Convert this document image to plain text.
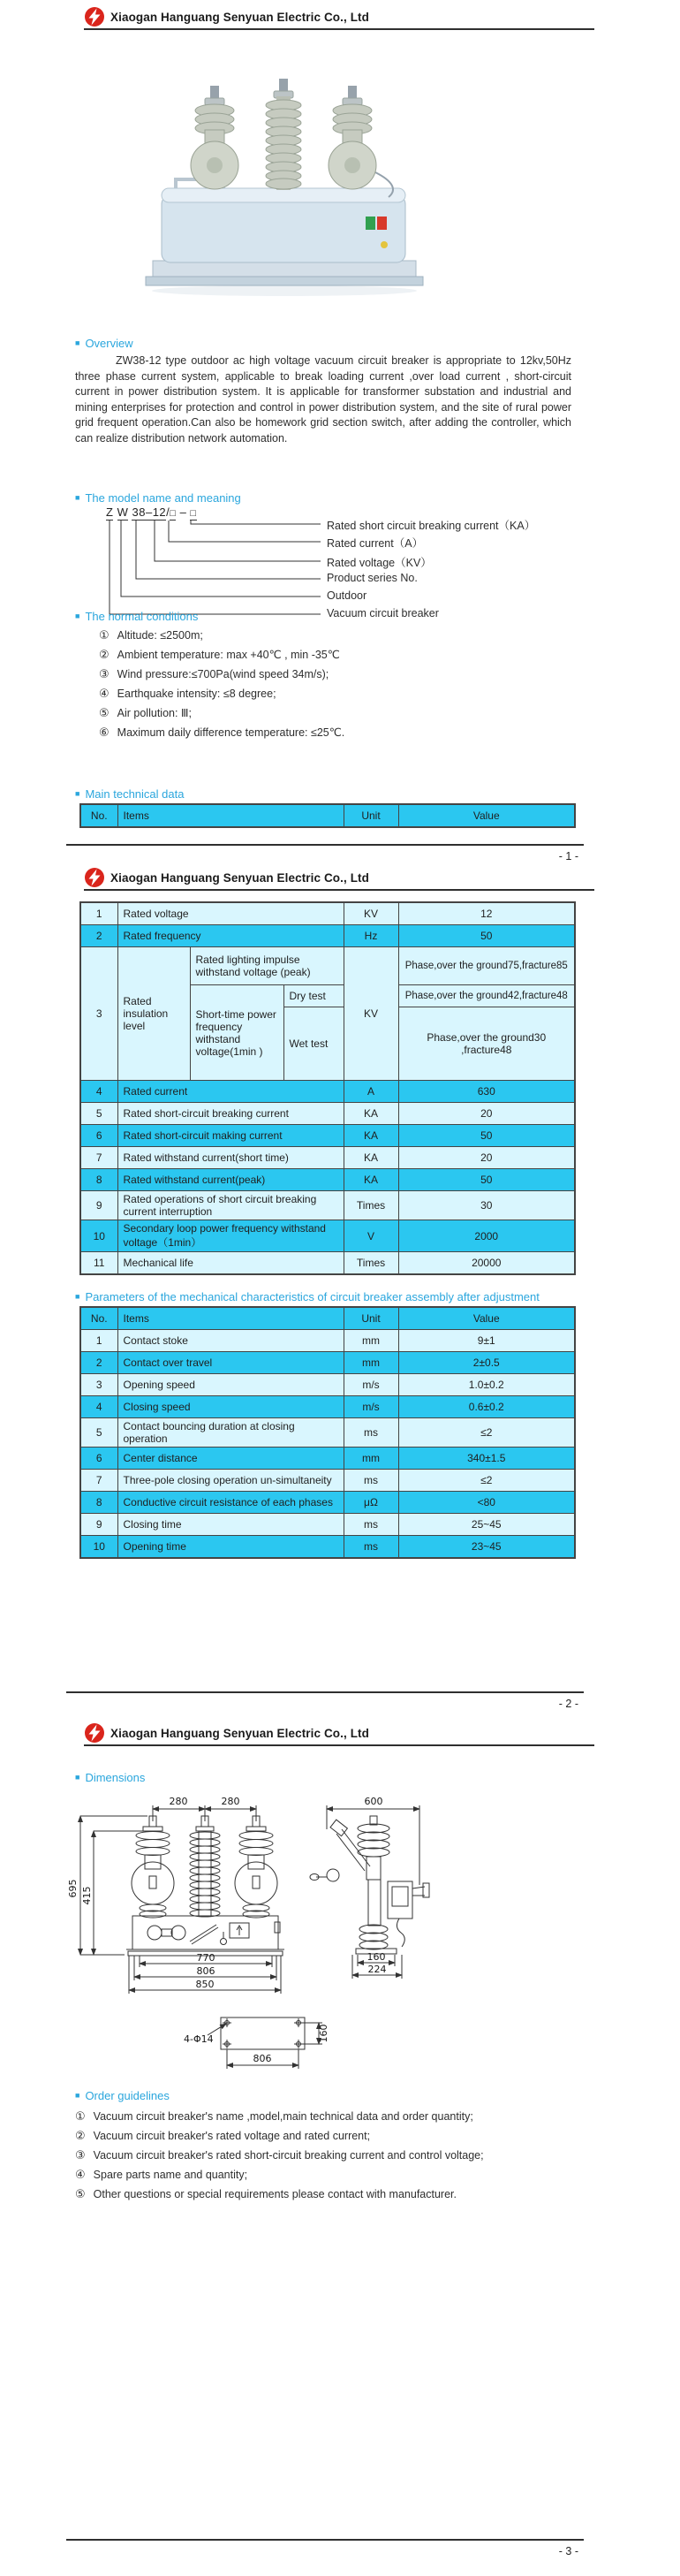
Xiaogan Hanguang Senyuan Electric Co., Ltd
■ Overview
ZW38-12 type outdoor ac high voltage vacuum circuit breaker is appropriate to 12kv,50Hz three phase current system, applicable to break loading current ,over load current , short-circuit current in power distribution system. It is applicable for transformer substation and industrial and mining enterprises for protection and control in power distribution system, and the site of rural power grid frequent operation.Can also be homework grid section switch, after adding the controller, which can realize distribution network automation.
■ The model name and meaning
Z W 38–12/□ – □
Rated short circuit breaking current（KA）
Rated current（A）
Rated voltage（KV）
Product series No.
Outdoor
Vacuum circuit breaker
■ The normal conditions
① Altitude: ≤2500m;
② Ambient temperature: max +40℃ , min -35℃
③ Wind pressure:≤700Pa(wind speed 34m/s);
④ Earthquake intensity: ≤8 degree;
⑤ Air pollution: Ⅲ;
⑥ Maximum daily difference temperature: ≤25℃.
■ Main technical data
No.	Items	Unit	Value
- 1 -
Xiaogan Hanguang Senyuan Electric Co., Ltd
1	Rated voltage			KV	12
2	Rated frequency			Hz	50
3	Rated insulation level	Rated lighting impulse withstand voltage (peak)		KV	Phase,over the ground75,fracture85
		Short-time power frequency withstand voltage(1min )	Dry test		Phase,over the ground42,fracture48
			Wet test		Phase,over the ground30 ,fracture48
4	Rated current			A	630
5	Rated short-circuit breaking current			KA	20
6	Rated short-circuit making current			KA	50
7	Rated withstand current(short time)			KA	20
8	Rated withstand current(peak)			KA	50
9	Rated operations of short circuit breaking current interruption			Times	30
10	Secondary loop power frequency withstand voltage（1min）			V	2000
11	Mechanical life			Times	20000
■ Parameters of the mechanical characteristics of circuit breaker assembly after adjustment
No.	Items	Unit	Value
1	Contact stoke	mm	9±1
2	Contact over travel	mm	2±0.5
3	Opening speed	m/s	1.0±0.2
4	Closing speed	m/s	0.6±0.2
5	Contact bouncing duration at closing operation	ms	≤2
6	Center distance	mm	340±1.5
7	Three-pole closing operation un-simultaneity	ms	≤2
8	Conductive circuit resistance of each phases	μΩ	<80
9	Closing time	ms	25~45
10	Opening time	ms	23~45
- 2 -
Xiaogan Hanguang Senyuan Electric Co., Ltd
■ Dimensions
280	280	600
695 415
770
806
850
160
224
4-Φ14	160
806
■ Order guidelines
① Vacuum circuit breaker's name ,model,main technical data and order quantity;
② Vacuum circuit breaker's rated voltage and rated current;
③ Vacuum circuit breaker's rated short-circuit breaking current and control voltage;
④ Spare parts name and quantity;
⑤ Other questions or special requirements please contact with manufacturer.
- 3 -
